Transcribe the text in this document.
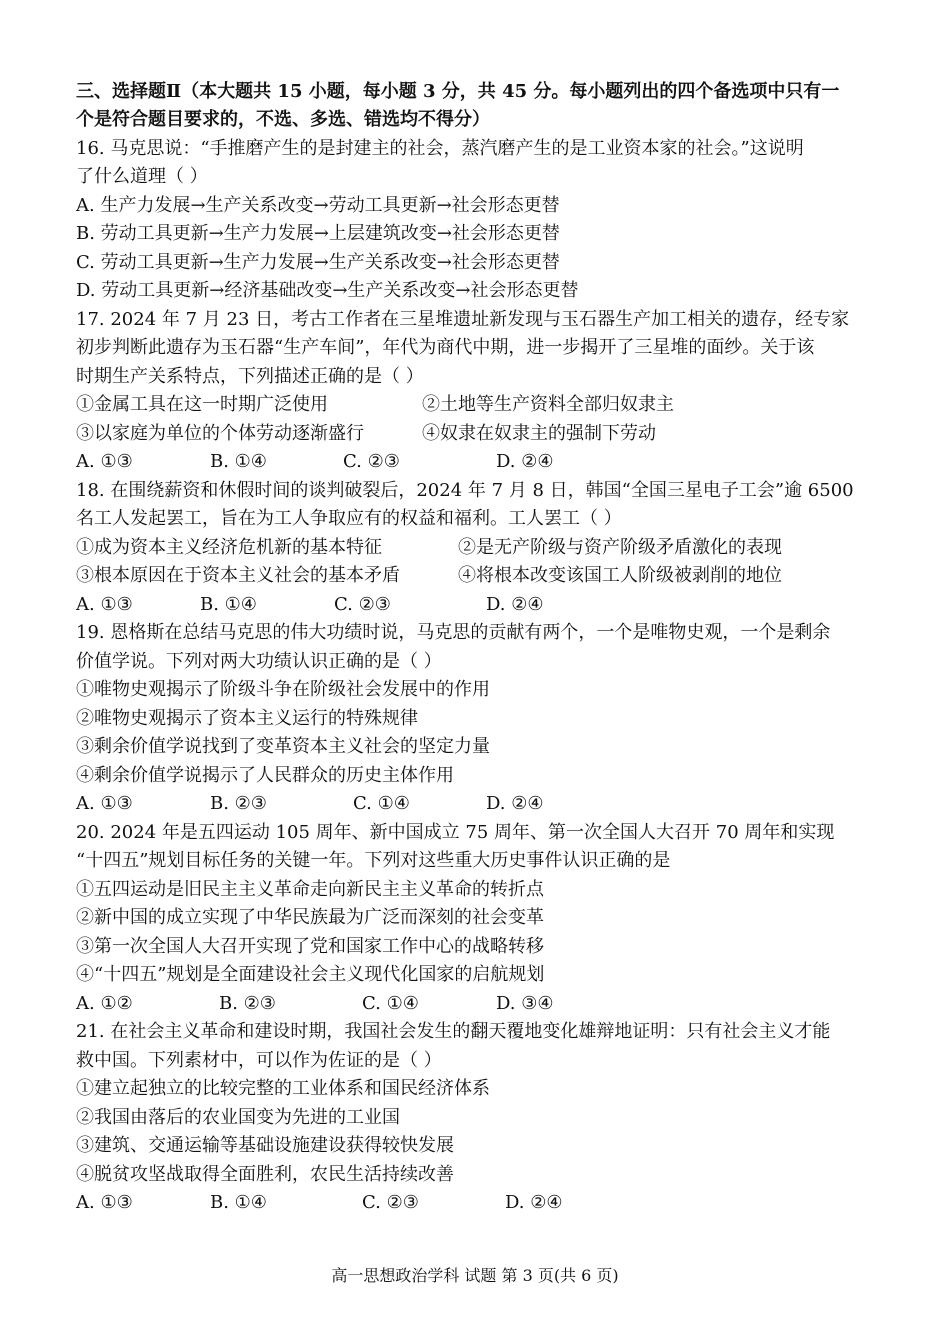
三、选择题Ⅱ（本大题共 15 小题，每小题 3 分，共 45 分。每小题列出的四个备选项中只有一
个是符合题目要求的，不选、多选、错选均不得分）
16. 马克思说：“手推磨产生的是封建主的社会，蒸汽磨产生的是工业资本家的社会。”这说明
了什么道理（ ）
A. 生产力发展→生产关系改变→劳动工具更新→社会形态更替
B. 劳动工具更新→生产力发展→上层建筑改变→社会形态更替
C. 劳动工具更新→生产力发展→生产关系改变→社会形态更替
D. 劳动工具更新→经济基础改变→生产关系改变→社会形态更替
17. 2024 年 7 月 23 日，考古工作者在三星堆遗址新发现与玉石器生产加工相关的遗存，经专家
初步判断此遗存为玉石器“生产车间”，年代为商代中期，进一步揭开了三星堆的面纱。关于该
时期生产关系特点，下列描述正确的是（ ）
①金属工具在这一时期广泛使用	②土地等生产资料全部归奴隶主
③以家庭为单位的个体劳动逐渐盛行	④奴隶在奴隶主的强制下劳动
A. ①③	B. ①④	C. ②③	D. ②④
18. 在围绕薪资和休假时间的谈判破裂后，2024 年 7 月 8 日，韩国“全国三星电子工会”逾 6500
名工人发起罢工，旨在为工人争取应有的权益和福利。工人罢工（ ）
①成为资本主义经济危机新的基本特征	②是无产阶级与资产阶级矛盾激化的表现
③根本原因在于资本主义社会的基本矛盾	④将根本改变该国工人阶级被剥削的地位
A. ①③	B. ①④	C. ②③	D. ②④
19. 恩格斯在总结马克思的伟大功绩时说，马克思的贡献有两个，一个是唯物史观，一个是剩余
价值学说。下列对两大功绩认识正确的是（ ）
①唯物史观揭示了阶级斗争在阶级社会发展中的作用
②唯物史观揭示了资本主义运行的特殊规律
③剩余价值学说找到了变革资本主义社会的坚定力量
④剩余价值学说揭示了人民群众的历史主体作用
A. ①③	B. ②③	C. ①④	D. ②④
20. 2024 年是五四运动 105 周年、新中国成立 75 周年、第一次全国人大召开 70 周年和实现
“十四五”规划目标任务的关键一年。下列对这些重大历史事件认识正确的是
①五四运动是旧民主主义革命走向新民主主义革命的转折点
②新中国的成立实现了中华民族最为广泛而深刻的社会变革
③第一次全国人大召开实现了党和国家工作中心的战略转移
④“十四五”规划是全面建设社会主义现代化国家的启航规划
A. ①②	B. ②③	C. ①④	D. ③④
21. 在社会主义革命和建设时期，我国社会发生的翻天覆地变化雄辩地证明：只有社会主义才能
救中国。下列素材中，可以作为佐证的是（ ）
①建立起独立的比较完整的工业体系和国民经济体系
②我国由落后的农业国变为先进的工业国
③建筑、交通运输等基础设施建设获得较快发展
④脱贫攻坚战取得全面胜利，农民生活持续改善
A. ①③	B. ①④	C. ②③	D. ②④
高一思想政治学科 试题 第 3 页(共 6 页)
